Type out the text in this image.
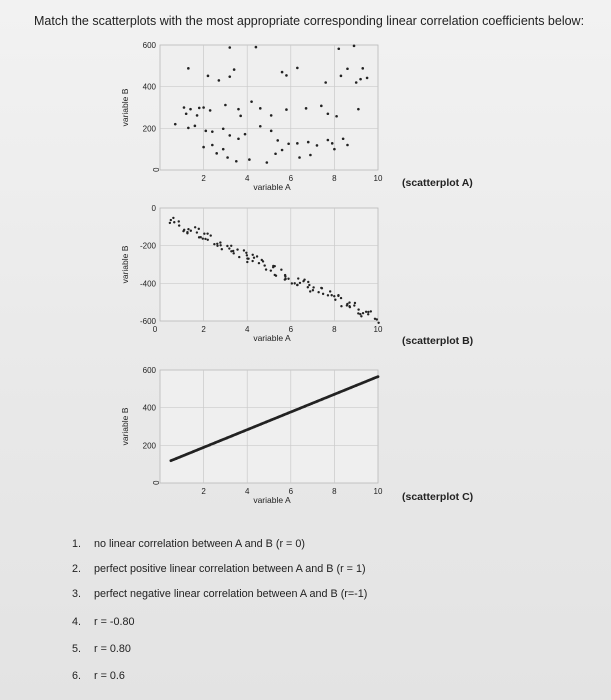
Match the scatterplots with the most appropriate corresponding linear correlation coefficients below:
200
400
600
0
2	4	6	8	10
variable A
variable B
0
-200
-400
-600
2	4	6	8	10
0
variable A
variable B
200
400
600
0
2	4	6	8	10
variable A
variable B
(scatterplot A)
(scatterplot B)
(scatterplot C)
1. no linear correlation between A and B (r = 0)
2. perfect positive linear correlation between A and B (r = 1)
3. perfect negative linear correlation between A and B (r=-1)
4. r = -0.80
5. r = 0.80
6. r = 0.6
